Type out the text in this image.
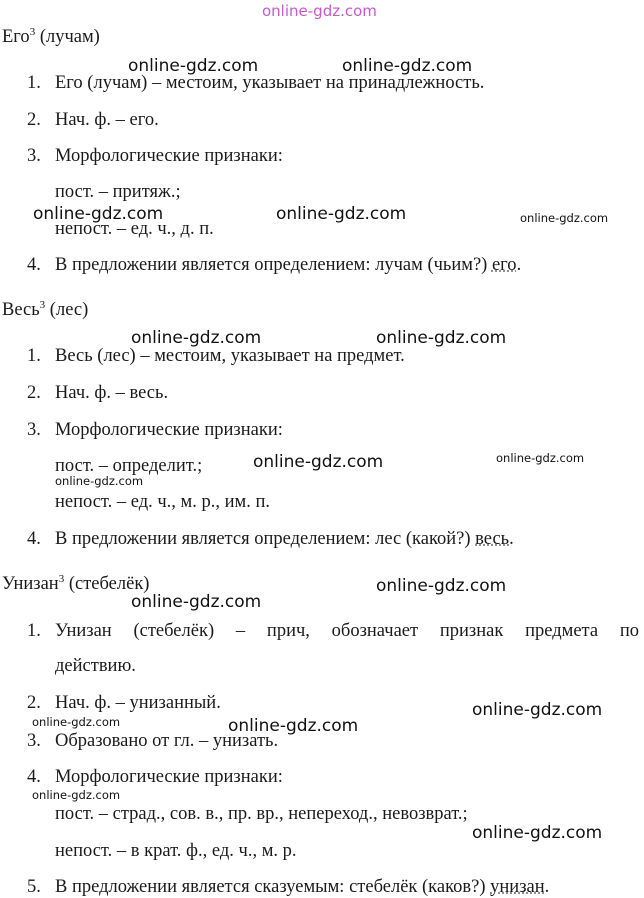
online-gdz.com
Его$^3$ (лучам)
1. Его (лучам) – местоим, указывает на принадлежность.
2. Нач. ф. – его.
3. Морфологические признаки:
пост. – притяж.;
непост. – ед. ч., д. п.
4. В предложении является определением: лучам (чьим?) его.
Весь$^3$ (лес)
1. Весь (лес) – местоим, указывает на предмет.
2. Нач. ф. – весь.
3. Морфологические признаки:
пост. – определит.;
непост. – ед. ч., м. р., им. п.
4. В предложении является определением: лес (какой?) весь.
Унизан$^3$ (стебелёк)
1. Унизан (стебелёк) – прич, обозначает признак предмета по
действию.
2. Нач. ф. – унизанный.
3. Образовано от гл. – унизать.
4. Морфологические признаки:
пост. – страд., сов. в., пр. вр., непереход., невозврат.;
непост. – в крат. ф., ед. ч., м. р.
5. В предложении является сказуемым: стебелёк (каков?) унизан.
online-gdz.com	online-gdz.com
online-gdz.com	online-gdz.com	online-gdz.com
online-gdz.com	online-gdz.com
online-gdz.com	online-gdz.com
online-gdz.com
online-gdz.com
online-gdz.com
online-gdz.com
online-gdz.com	online-gdz.com
online-gdz.com
online-gdz.com
